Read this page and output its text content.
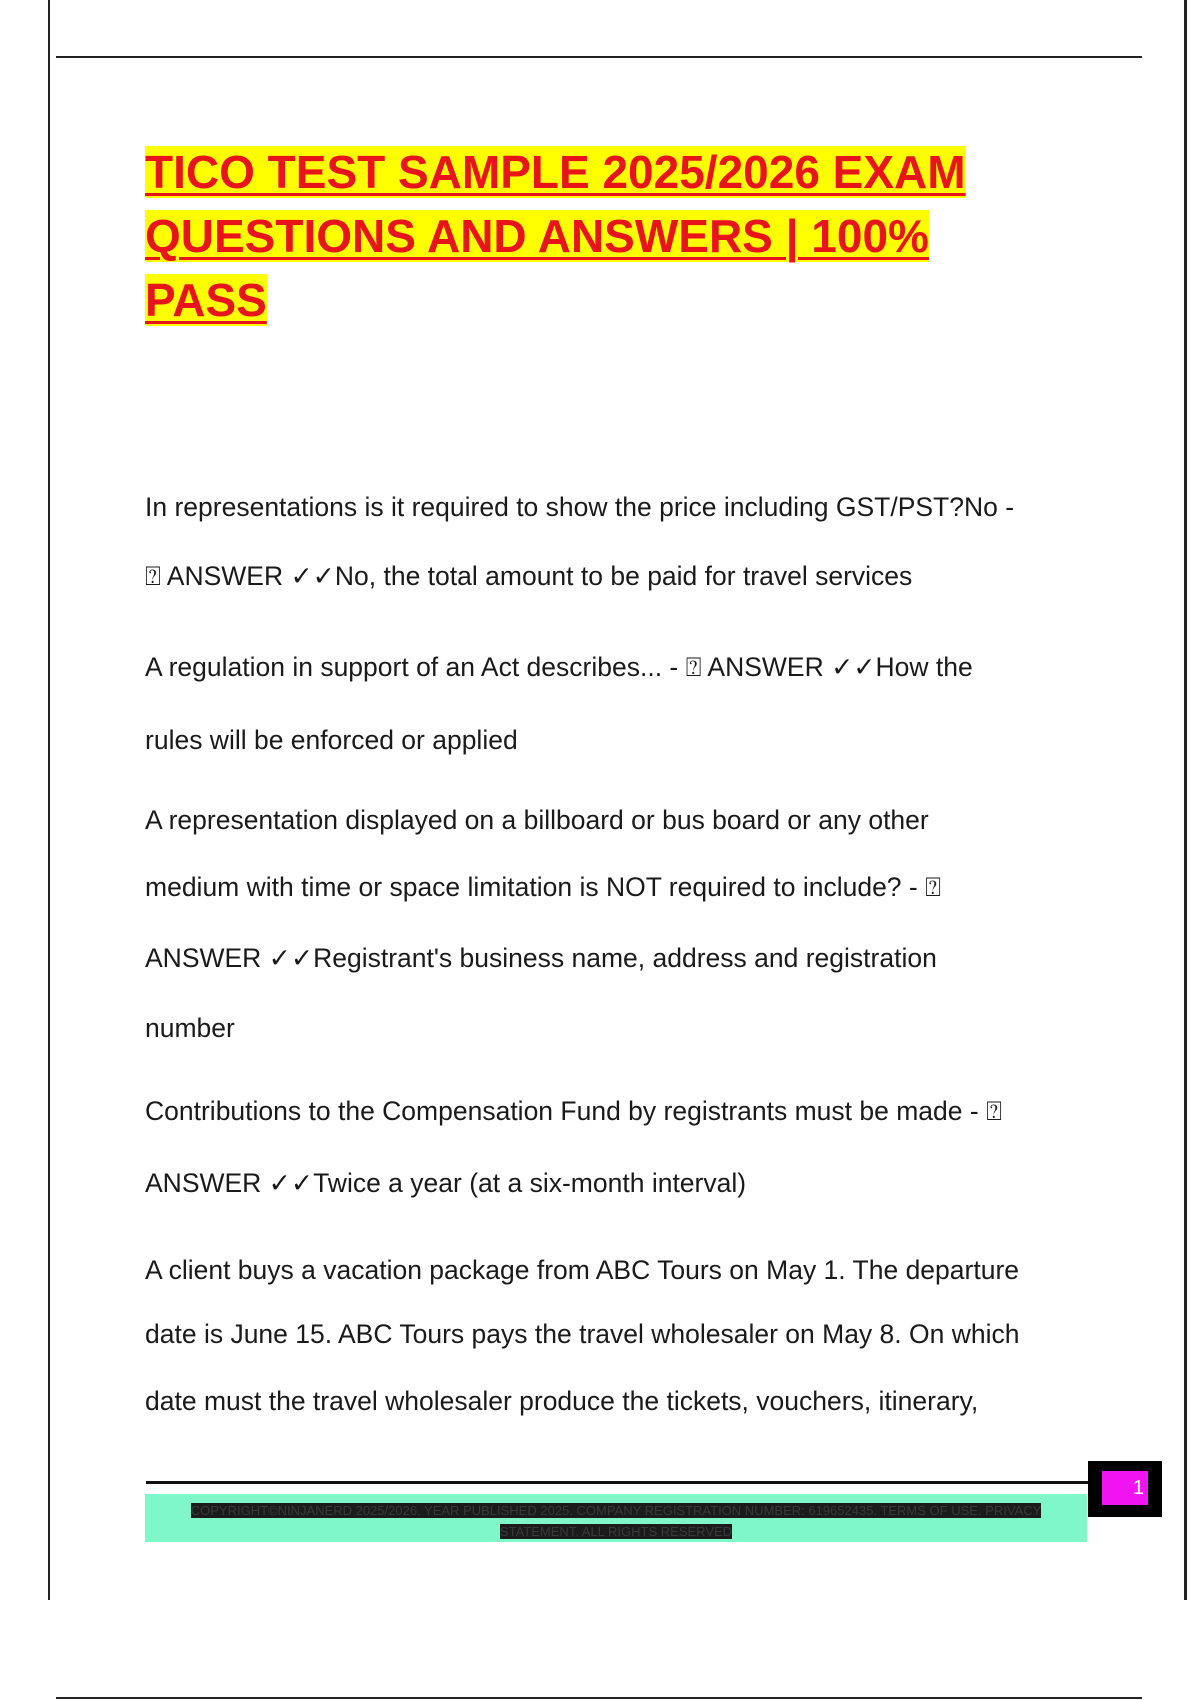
TICO TEST SAMPLE 2025/2026 EXAM
QUESTIONS AND ANSWERS | 100%
PASS
In representations is it required to show the price including GST/PST?No -
⍰ ANSWER ✓✓No, the total amount to be paid for travel services
A regulation in support of an Act describes... - ⍰ ANSWER ✓✓How the
rules will be enforced or applied
A representation displayed on a billboard or bus board or any other
medium with time or space limitation is NOT required to include? - ⍰
ANSWER ✓✓Registrant's business name, address and registration
number
Contributions to the Compensation Fund by registrants must be made - ⍰
ANSWER ✓✓Twice a year (at a six-month interval)
A client buys a vacation package from ABC Tours on May 1. The departure
date is June 15. ABC Tours pays the travel wholesaler on May 8. On which
date must the travel wholesaler produce the tickets, vouchers, itinerary,
COPYRIGHT©NINJANERD 2025/2026. YEAR PUBLISHED 2025. COMPANY REGISTRATION NUMBER: 619652435. TERMS OF USE. PRIVACY
STATEMENT. ALL RIGHTS RESERVED
1
